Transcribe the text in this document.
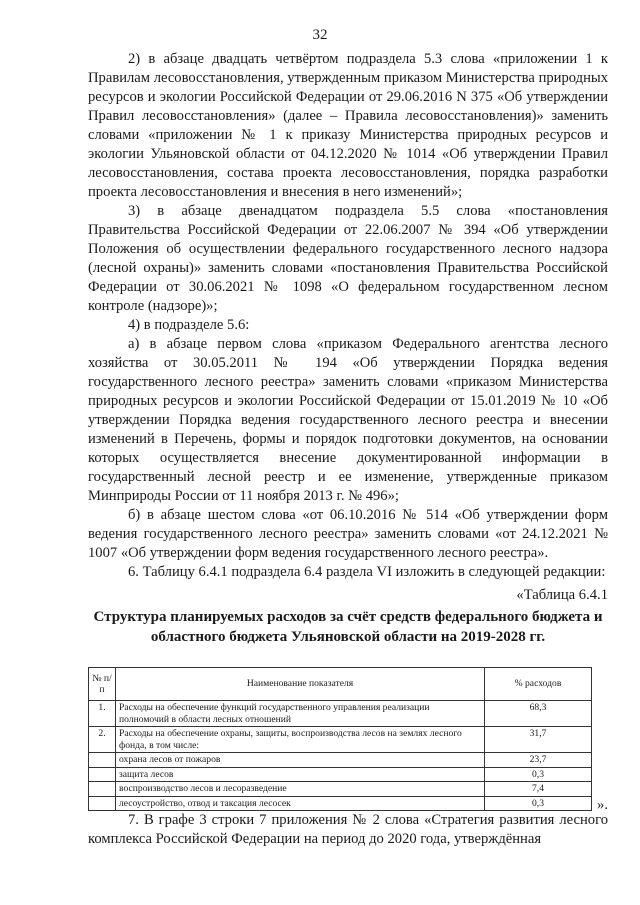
32

2) в абзаце двадцать четвёртом подраздела 5.3 слова «приложении 1 к Правилам лесовосстановления, утвержденным приказом Министерства природных ресурсов и экологии Российской Федерации от 29.06.2016 N 375 «Об утверждении Правил лесовосстановления» (далее – Правила лесовосстановления)» заменить словами «приложении № 1 к приказу Министерства природных ресурсов и экологии Ульяновской области от 04.12.2020 № 1014 «Об утверждении Правил лесовосстановления, состава проекта лесовосстановления, порядка разработки проекта лесовосстановления и внесения в него изменений»;

3) в абзаце двенадцатом подраздела 5.5 слова «постановления Правительства Российской Федерации от 22.06.2007 № 394 «Об утверждении Положения об осуществлении федерального государственного лесного надзора (лесной охраны)» заменить словами «постановления Правительства Российской Федерации от 30.06.2021 № 1098 «О федеральном государственном лесном контроле (надзоре)»;

4) в подразделе 5.6:

а) в абзаце первом слова «приказом Федерального агентства лесного хозяйства от 30.05.2011 № 194 «Об утверждении Порядка ведения государственного лесного реестра» заменить словами «приказом Министерства природных ресурсов и экологии Российской Федерации от 15.01.2019 № 10 «Об утверждении Порядка ведения государственного лесного реестра и внесении изменений в Перечень, формы и порядок подготовки документов, на основании которых осуществляется внесение документированной информации в государственный лесной реестр и ее изменение, утвержденные приказом Минприроды России от 11 ноября 2013 г. № 496»;

б) в абзаце шестом слова «от 06.10.2016 № 514 «Об утверждении форм ведения государственного лесного реестра» заменить словами «от 24.12.2021 № 1007 «Об утверждении форм ведения государственного лесного реестра».

6. Таблицу 6.4.1 подраздела 6.4 раздела VI изложить в следующей редакции:

«Таблица 6.4.1
Структура планируемых расходов за счёт средств федерального бюджета и областного бюджета Ульяновской области на 2019-2028 гг.
№ п/п	Наименование показателя	% расходов
1.	Расходы на обеспечение функций государственного управления реализации полномочий в области лесных отношений	68,3
2.	Расходы на обеспечение охраны, защиты, воспроизводства лесов на землях лесного фонда, в том числе:	31,7
	охрана лесов от пожаров	23,7
	защита лесов	0,3
	воспроизводство лесов и лесоразведение	7,4
	лесоустройство, отвод и таксация лесосек	0,3	».

7. В графе 3 строки 7 приложения № 2 слова «Стратегия развития лесного комплекса Российской Федерации на период до 2020 года, утверждённая
